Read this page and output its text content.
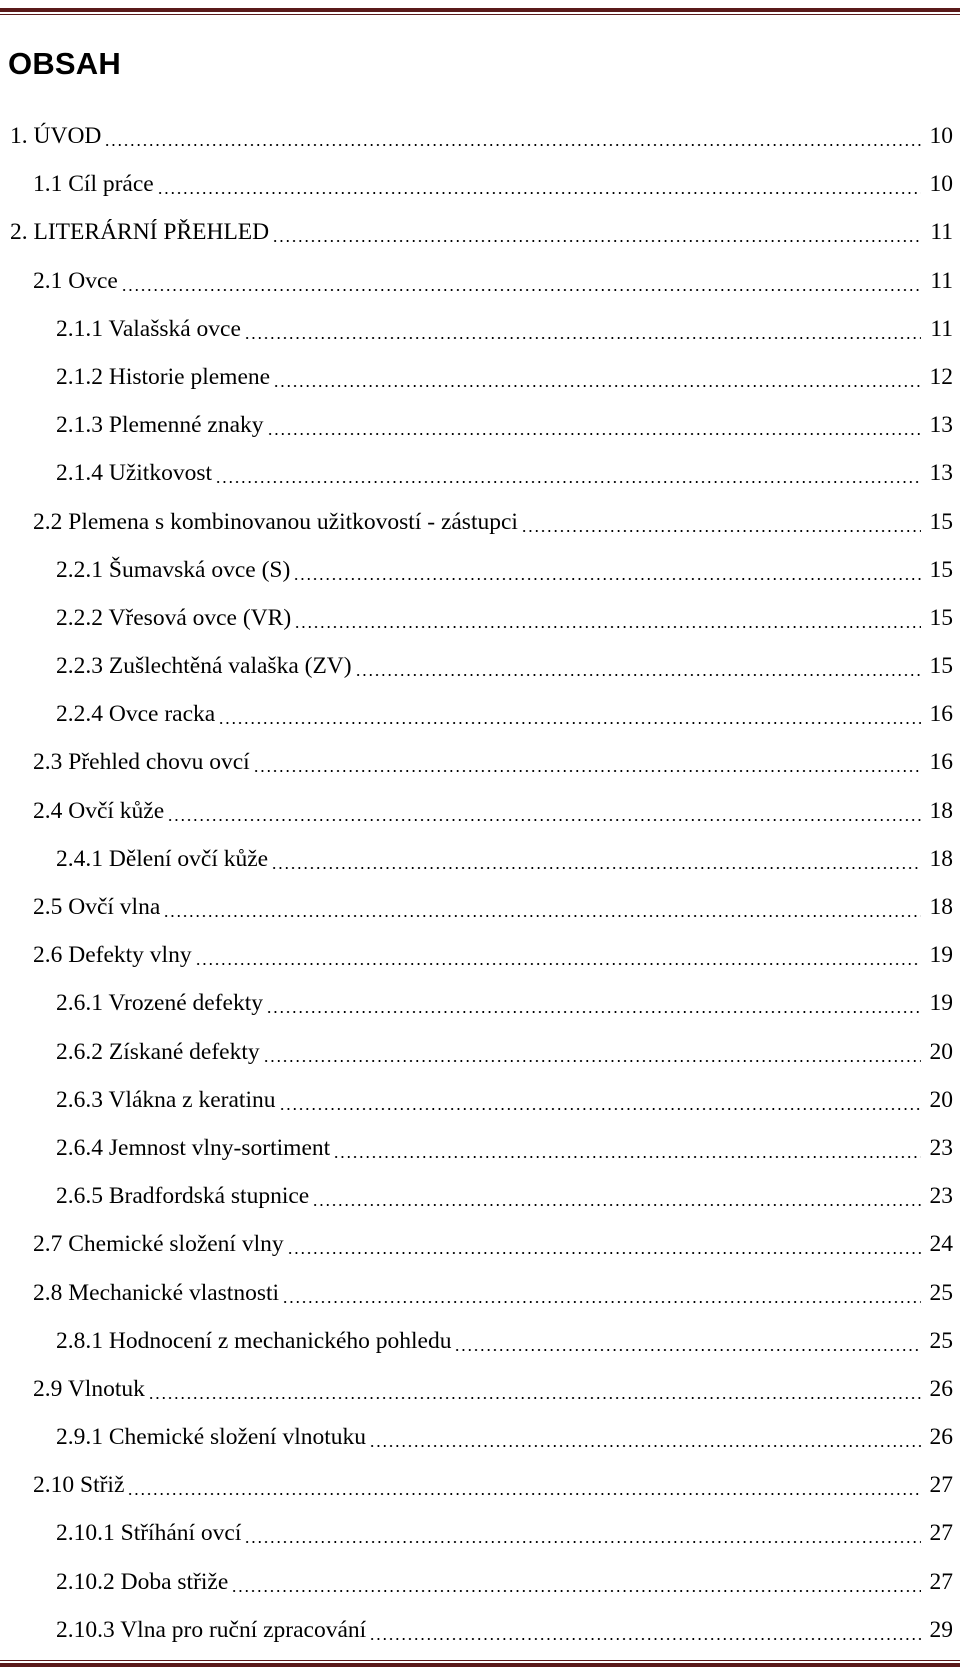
OBSAH
1. ÚVOD	10
1.1 Cíl práce	10
2. LITERÁRNÍ PŘEHLED	11
2.1 Ovce	11
2.1.1 Valašská ovce	11
2.1.2 Historie plemene	12
2.1.3 Plemenné znaky	13
2.1.4 Užitkovost	13
2.2 Plemena s kombinovanou užitkovostí - zástupci	15
2.2.1 Šumavská ovce (S)	15
2.2.2 Vřesová ovce (VR)	15
2.2.3 Zušlechtěná valaška (ZV)	15
2.2.4 Ovce racka	16
2.3 Přehled chovu ovcí	16
2.4 Ovčí kůže	18
2.4.1 Dělení ovčí kůže	18
2.5 Ovčí vlna	18
2.6 Defekty vlny	19
2.6.1 Vrozené defekty	19
2.6.2 Získané defekty	20
2.6.3 Vlákna z keratinu	20
2.6.4 Jemnost vlny-sortiment	23
2.6.5 Bradfordská stupnice	23
2.7 Chemické složení vlny	24
2.8 Mechanické vlastnosti	25
2.8.1 Hodnocení z mechanického pohledu	25
2.9 Vlnotuk	26
2.9.1 Chemické složení vlnotuku	26
2.10 Střiž	27
2.10.1 Stříhání ovcí	27
2.10.2 Doba střiže	27
2.10.3 Vlna pro ruční zpracování	29
